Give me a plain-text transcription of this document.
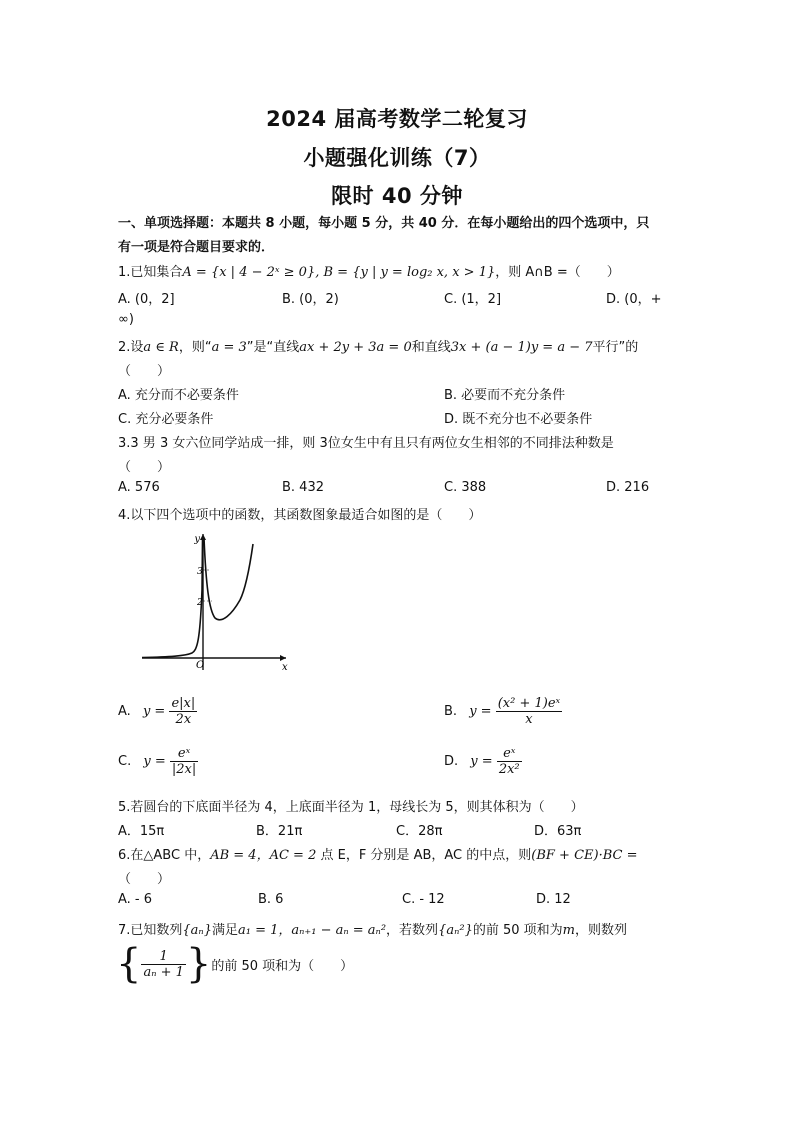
2024 届高考数学二轮复习
小题强化训练（7）
限时 40 分钟
一、单项选择题：本题共 8 小题，每小题 5 分，共 40 分．在每小题给出的四个选项中，只
有一项是符合题目要求的．
1.已知集合A = {x | 4 − 2ˣ ≥ 0}, B = {y | y = log₂ x, x > 1}，则 A∩B =（　　）
A. (0，2]	B. (0，2)	C. (1，2]	D. (0，+
∞)
2.设a ∈ R，则“a = 3”是“直线ax + 2y + 3a = 0和直线3x + (a − 1)y = a − 7平行”的
（　　）
A. 充分而不必要条件	B. 必要而不充分条件
C. 充分必要条件	D. 既不充分也不必要条件
3.3 男 3 女六位同学站成一排，则 3位女生中有且只有两位女生相邻的不同排法种数是
（　　）
A. 576	B. 432	C. 388	D. 216
4.以下四个选项中的函数，其函数图象最适合如图的是（　　）
y
x
O
3
2
A. $y = \frac{e|x|}{2x}$	B. $y = \frac{\text{(x² + 1)eˣ}}{x}$
C. $y = \frac{\text{eˣ}}{|2x|}$	D. $y = \frac{\text{eˣ}}{\text{2x²}}$
5.若圆台的下底面半径为 4，上底面半径为 1，母线长为 5，则其体积为（　　）
A．15π	B．21π	C．28π	D．63π
6.在△ABC 中，AB = 4，AC = 2 点 E，F 分别是 AB，AC 的中点，则(BF + CE)·BC =
（　　）
A. - 6	B. 6	C. - 12	D. 12
7.已知数列{aₙ}满足a₁ = 1，aₙ₊₁ − aₙ = aₙ²，若数列{aₙ²}的前 50 项和为m，则数列
{ $\frac{1}{\text{aₙ + 1}}$ } 的前 50 项和为（　　）
